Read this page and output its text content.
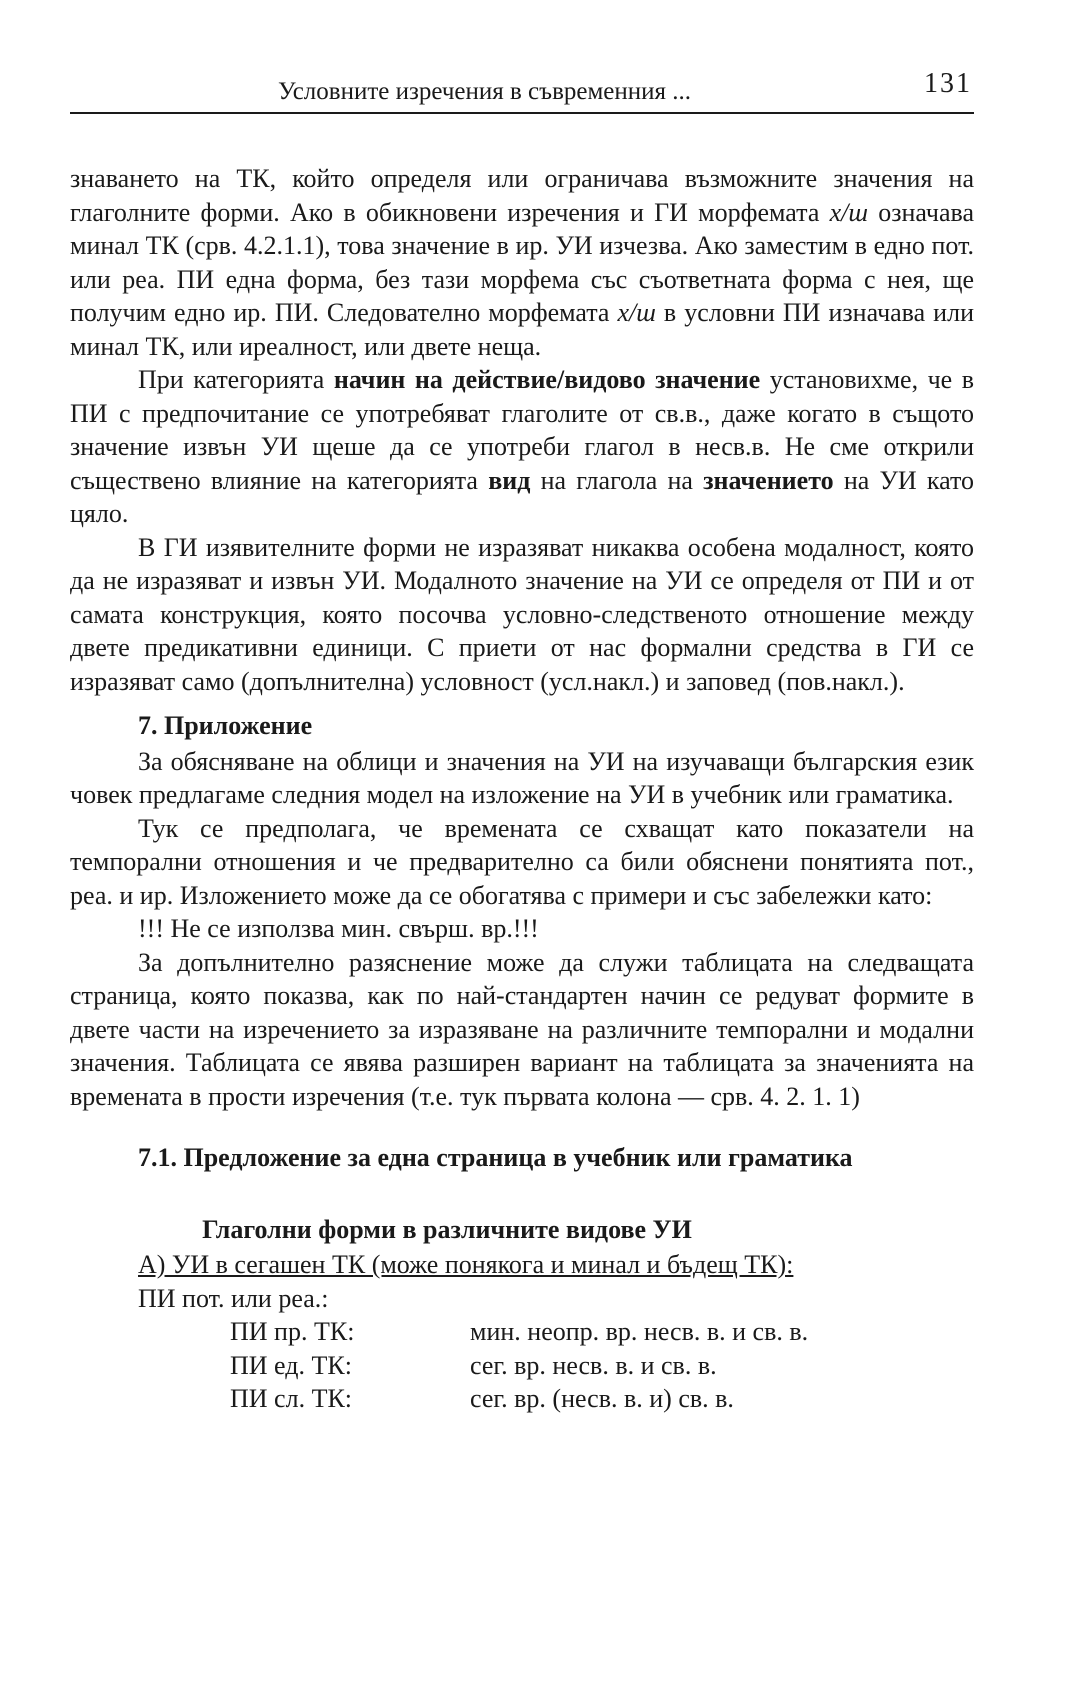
Условните изречения в съвременния ...	131

знаването на ТК, който определя или ограничава възможните значения на глаголните форми. Ако в обикновени изречения и ГИ морфемата х/ш означава минал ТК (срв. 4.2.1.1), това значение в ир. УИ изчезва. Ако заместим в едно пот. или реа. ПИ една форма, без тази морфема със съответната форма с нея, ще получим едно ир. ПИ. Следователно морфемата х/ш в условни ПИ изначава или минал ТК, или иреалност, или двете неща.

При категорията начин на действие/видово значение установихме, че в ПИ с предпочитание се употребяват глаголите от св.в., даже когато в същото значение извън УИ щеше да се употреби глагол в несв.в. Не сме открили съществено влияние на категорията вид на глагола на значението на УИ като цяло.

В ГИ изявителните форми не изразяват никаква особена модалност, която да не изразяват и извън УИ. Модалното значение на УИ се определя от ПИ и от самата конструкция, която посочва условно-следственото отношение между двете предикативни единици. С приети от нас формални средства в ГИ се изразяват само (допълнителна) условност (усл.накл.) и заповед (пов.накл.).

7. Приложение

За обясняване на облици и значения на УИ на изучаващи българския език човек предлагаме следния модел на изложение на УИ в учебник или граматика.

Тук се предполага, че времената се схващат като показатели на темпорални отношения и че предварително са били обяснени понятията пот., реа. и ир. Изложението може да се обогатява с примери и със забележки като:

!!! Не се използва мин. свърш. вр.!!!

За допълнително разяснение може да служи таблицата на следващата страница, която показва, как по най-стандартен начин се редуват формите в двете части на изречението за изразяване на различните темпорални и модални значения. Таблицата се явява разширен вариант на таблицата за значенията на времената в прости изречения (т.е. тук първата колона — срв. 4. 2. 1. 1)

7.1. Предложение за една страница в учебник или граматика

Глаголни форми в различните видове УИ

А) УИ в сегашен ТК (може понякога и минал и бъдещ ТК):

ПИ пот. или реа.:

ПИ пр. ТК:	мин. неопр. вр. несв. в. и св. в.
ПИ ед. ТК:	сег. вр. несв. в. и св. в.
ПИ сл. ТК:	сег. вр. (несв. в. и) св. в.
